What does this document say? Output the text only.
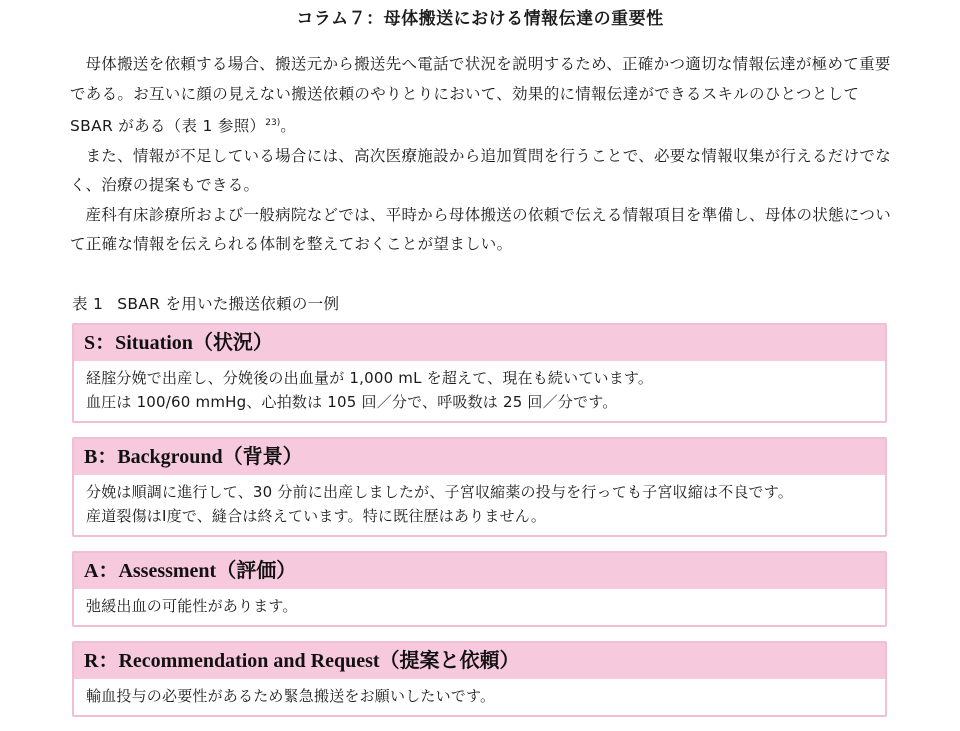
コラム７：母体搬送における情報伝達の重要性

母体搬送を依頼する場合、搬送元から搬送先へ電話で状況を説明するため、正確かつ適切な情報伝達が極めて重要である。お互いに顔の見えない搬送依頼のやりとりにおいて、効果的に情報伝達ができるスキルのひとつとして SBAR がある（表 1 参照）$^{23)}$。

また、情報が不足している場合には、高次医療施設から追加質問を行うことで、必要な情報収集が行えるだけでなく、治療の提案もできる。

産科有床診療所および一般病院などでは、平時から母体搬送の依頼で伝える情報項目を準備し、母体の状態について正確な情報を伝えられる体制を整えておくことが望ましい。

表 1 SBAR を用いた搬送依頼の一例
S：Situation（状況）
経腟分娩で出産し、分娩後の出血量が 1,000 mL を超えて、現在も続いています。
血圧は 100/60 mmHg、心拍数は 105 回／分で、呼吸数は 25 回／分です。
B：Background（背景）
分娩は順調に進行して、30 分前に出産しましたが、子宮収縮薬の投与を行っても子宮収縮は不良です。
産道裂傷はⅠ度で、縫合は終えています。特に既往歴はありません。
A：Assessment（評価）
弛緩出血の可能性があります。
R：Recommendation and Request（提案と依頼）
輸血投与の必要性があるため緊急搬送をお願いしたいです。
